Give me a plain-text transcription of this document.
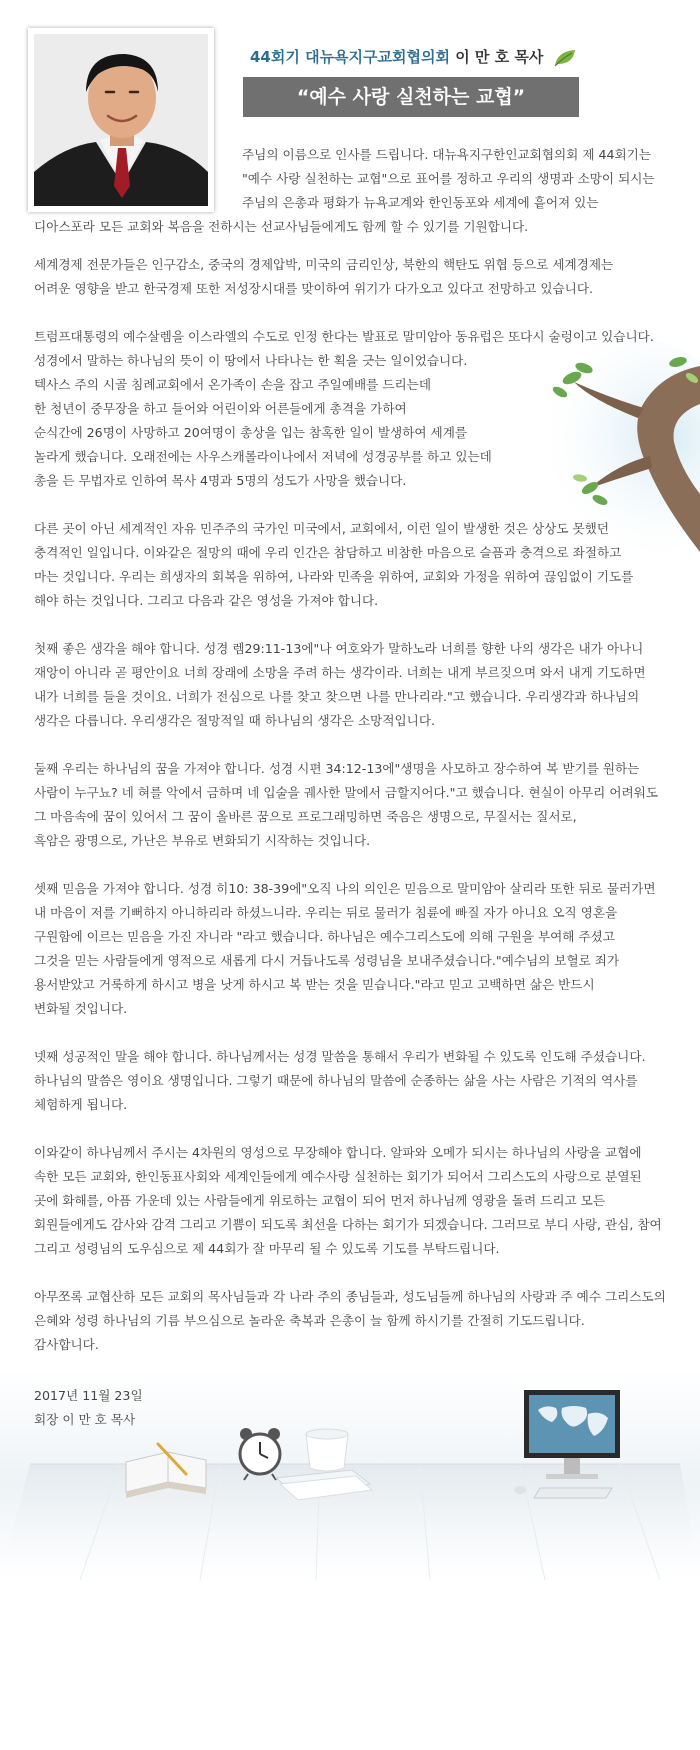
44회기 대뉴욕지구교회협의회 이 만 호 목사
“예수 사랑 실천하는 교협”

주님의 이름으로 인사를 드립니다. 대뉴욕지구한인교회협의회 제 44회기는
"예수 사랑 실천하는 교협"으로 표어를 정하고 우리의 생명과 소망이 되시는
주님의 은총과 평화가 뉴욕교계와 한인동포와 세계에 흩어져 있는
디아스포라 모든 교회와 복음을 전하시는 선교사님들에게도 함께 할 수 있기를 기원합니다.

세계경제 전문가들은 인구감소, 중국의 경제압박, 미국의 금리인상, 북한의 핵탄도 위협 등으로 세계경제는
어려운 영향을 받고 한국경제 또한 저성장시대를 맞이하여 위기가 다가오고 있다고 전망하고 있습니다.

트럼프대통령의 예수살렘을 이스라엘의 수도로 인정 한다는 발표로 말미암아 동유럽은 또다시 술렁이고 있습니다.
성경에서 말하는 하나님의 뜻이 이 땅에서 나타나는 한 획을 긋는 일이었습니다.
텍사스 주의 시골 침례교회에서 온가족이 손을 잡고 주일예배를 드리는데
한 청년이 중무장을 하고 들어와 어린이와 어른들에게 총격을 가하여
순식간에 26명이 사망하고 20여명이 총상을 입는 참혹한 일이 발생하여 세계를
놀라게 했습니다. 오래전에는 사우스캐롤라이나에서 저녁에 성경공부를 하고 있는데
총을 든 무법자로 인하여 목사 4명과 5명의 성도가 사망을 했습니다.

다른 곳이 아닌 세계적인 자유 민주주의 국가인 미국에서, 교회에서, 이런 일이 발생한 것은 상상도 못했던
충격적인 일입니다. 이와같은 절망의 때에 우리 인간은 참담하고 비참한 마음으로 슬픔과 충격으로 좌절하고
마는 것입니다. 우리는 희생자의 회복을 위하여, 나라와 민족을 위하여, 교회와 가정을 위하여 끊임없이 기도를
해야 하는 것입니다. 그리고 다음과 같은 영성을 가져야 합니다.

첫째 좋은 생각을 해야 합니다. 성경 렘29:11-13에"나 여호와가 말하노라 너희를 향한 나의 생각은 내가 아나니
재앙이 아니라 곧 평안이요 너희 장래에 소망을 주려 하는 생각이라. 너희는 내게 부르짖으며 와서 내게 기도하면
내가 너희를 들을 것이요. 너희가 전심으로 나를 찾고 찾으면 나를 만나리라."고 했습니다. 우리생각과 하나님의
생각은 다릅니다. 우리생각은 절망적일 때 하나님의 생각은 소망적입니다.

둘째 우리는 하나님의 꿈을 가져야 합니다. 성경 시편 34:12-13에"생명을 사모하고 장수하여 복 받기를 원하는
사람이 누구뇨? 네 혀를 악에서 금하며 네 입술을 궤사한 말에서 금할지어다."고 했습니다. 현실이 아무리 어려워도
그 마음속에 꿈이 있어서 그 꿈이 올바른 꿈으로 프로그래밍하면 죽음은 생명으로, 무질서는 질서로,
흑암은 광명으로, 가난은 부유로 변화되기 시작하는 것입니다.

셋째 믿음을 가져야 합니다. 성경 히10: 38-39에"오직 나의 의인은 믿음으로 말미암아 살리라 또한 뒤로 물러가면
내 마음이 저를 기뻐하지 아니하리라 하셨느니라. 우리는 뒤로 물러가 침륜에 빠질 자가 아니요 오직 영혼을
구원함에 이르는 믿음을 가진 자니라 "라고 했습니다. 하나님은 예수그리스도에 의해 구원을 부여해 주셨고
그것을 믿는 사람들에게 영적으로 새롭게 다시 거듭나도록 성령님을 보내주셨습니다."예수님의 보혈로 죄가
용서받았고 거룩하게 하시고 병을 낫게 하시고 복 받는 것을 믿습니다."라고 믿고 고백하면 삶은 반드시
변화될 것입니다.

넷째 성공적인 말을 해야 합니다. 하나님께서는 성경 말씀을 통해서 우리가 변화될 수 있도록 인도해 주셨습니다.
하나님의 말씀은 영이요 생명입니다. 그렇기 때문에 하나님의 말씀에 순종하는 삶을 사는 사람은 기적의 역사를
체험하게 됩니다.

이와같이 하나님께서 주시는 4차원의 영성으로 무장해야 합니다. 알파와 오메가 되시는 하나님의 사랑을 교협에
속한 모든 교회와, 한인동표사회와 세계인들에게 예수사랑 실천하는 회기가 되어서 그리스도의 사랑으로 분열된
곳에 화해를, 아픔 가운데 있는 사람들에게 위로하는 교협이 되어 먼저 하나님께 영광을 돌려 드리고 모든
회원들에게도 감사와 감격 그리고 기쁨이 되도록 최선을 다하는 회기가 되겠습니다. 그러므로 부디 사랑, 관심, 참여
그리고 성령님의 도우심으로 제 44회가 잘 마무리 될 수 있도록 기도를 부탁드립니다.

아무쪼록 교협산하 모든 교회의 목사님들과 각 나라 주의 종님들과, 성도님들께 하나님의 사랑과 주 예수 그리스도의
은혜와 성령 하나님의 기름 부으심으로 놀라운 축복과 은총이 늘 함께 하시기를 간절히 기도드립니다.
감사합니다.

2017년 11월 23일
회장 이 만 호 목사
